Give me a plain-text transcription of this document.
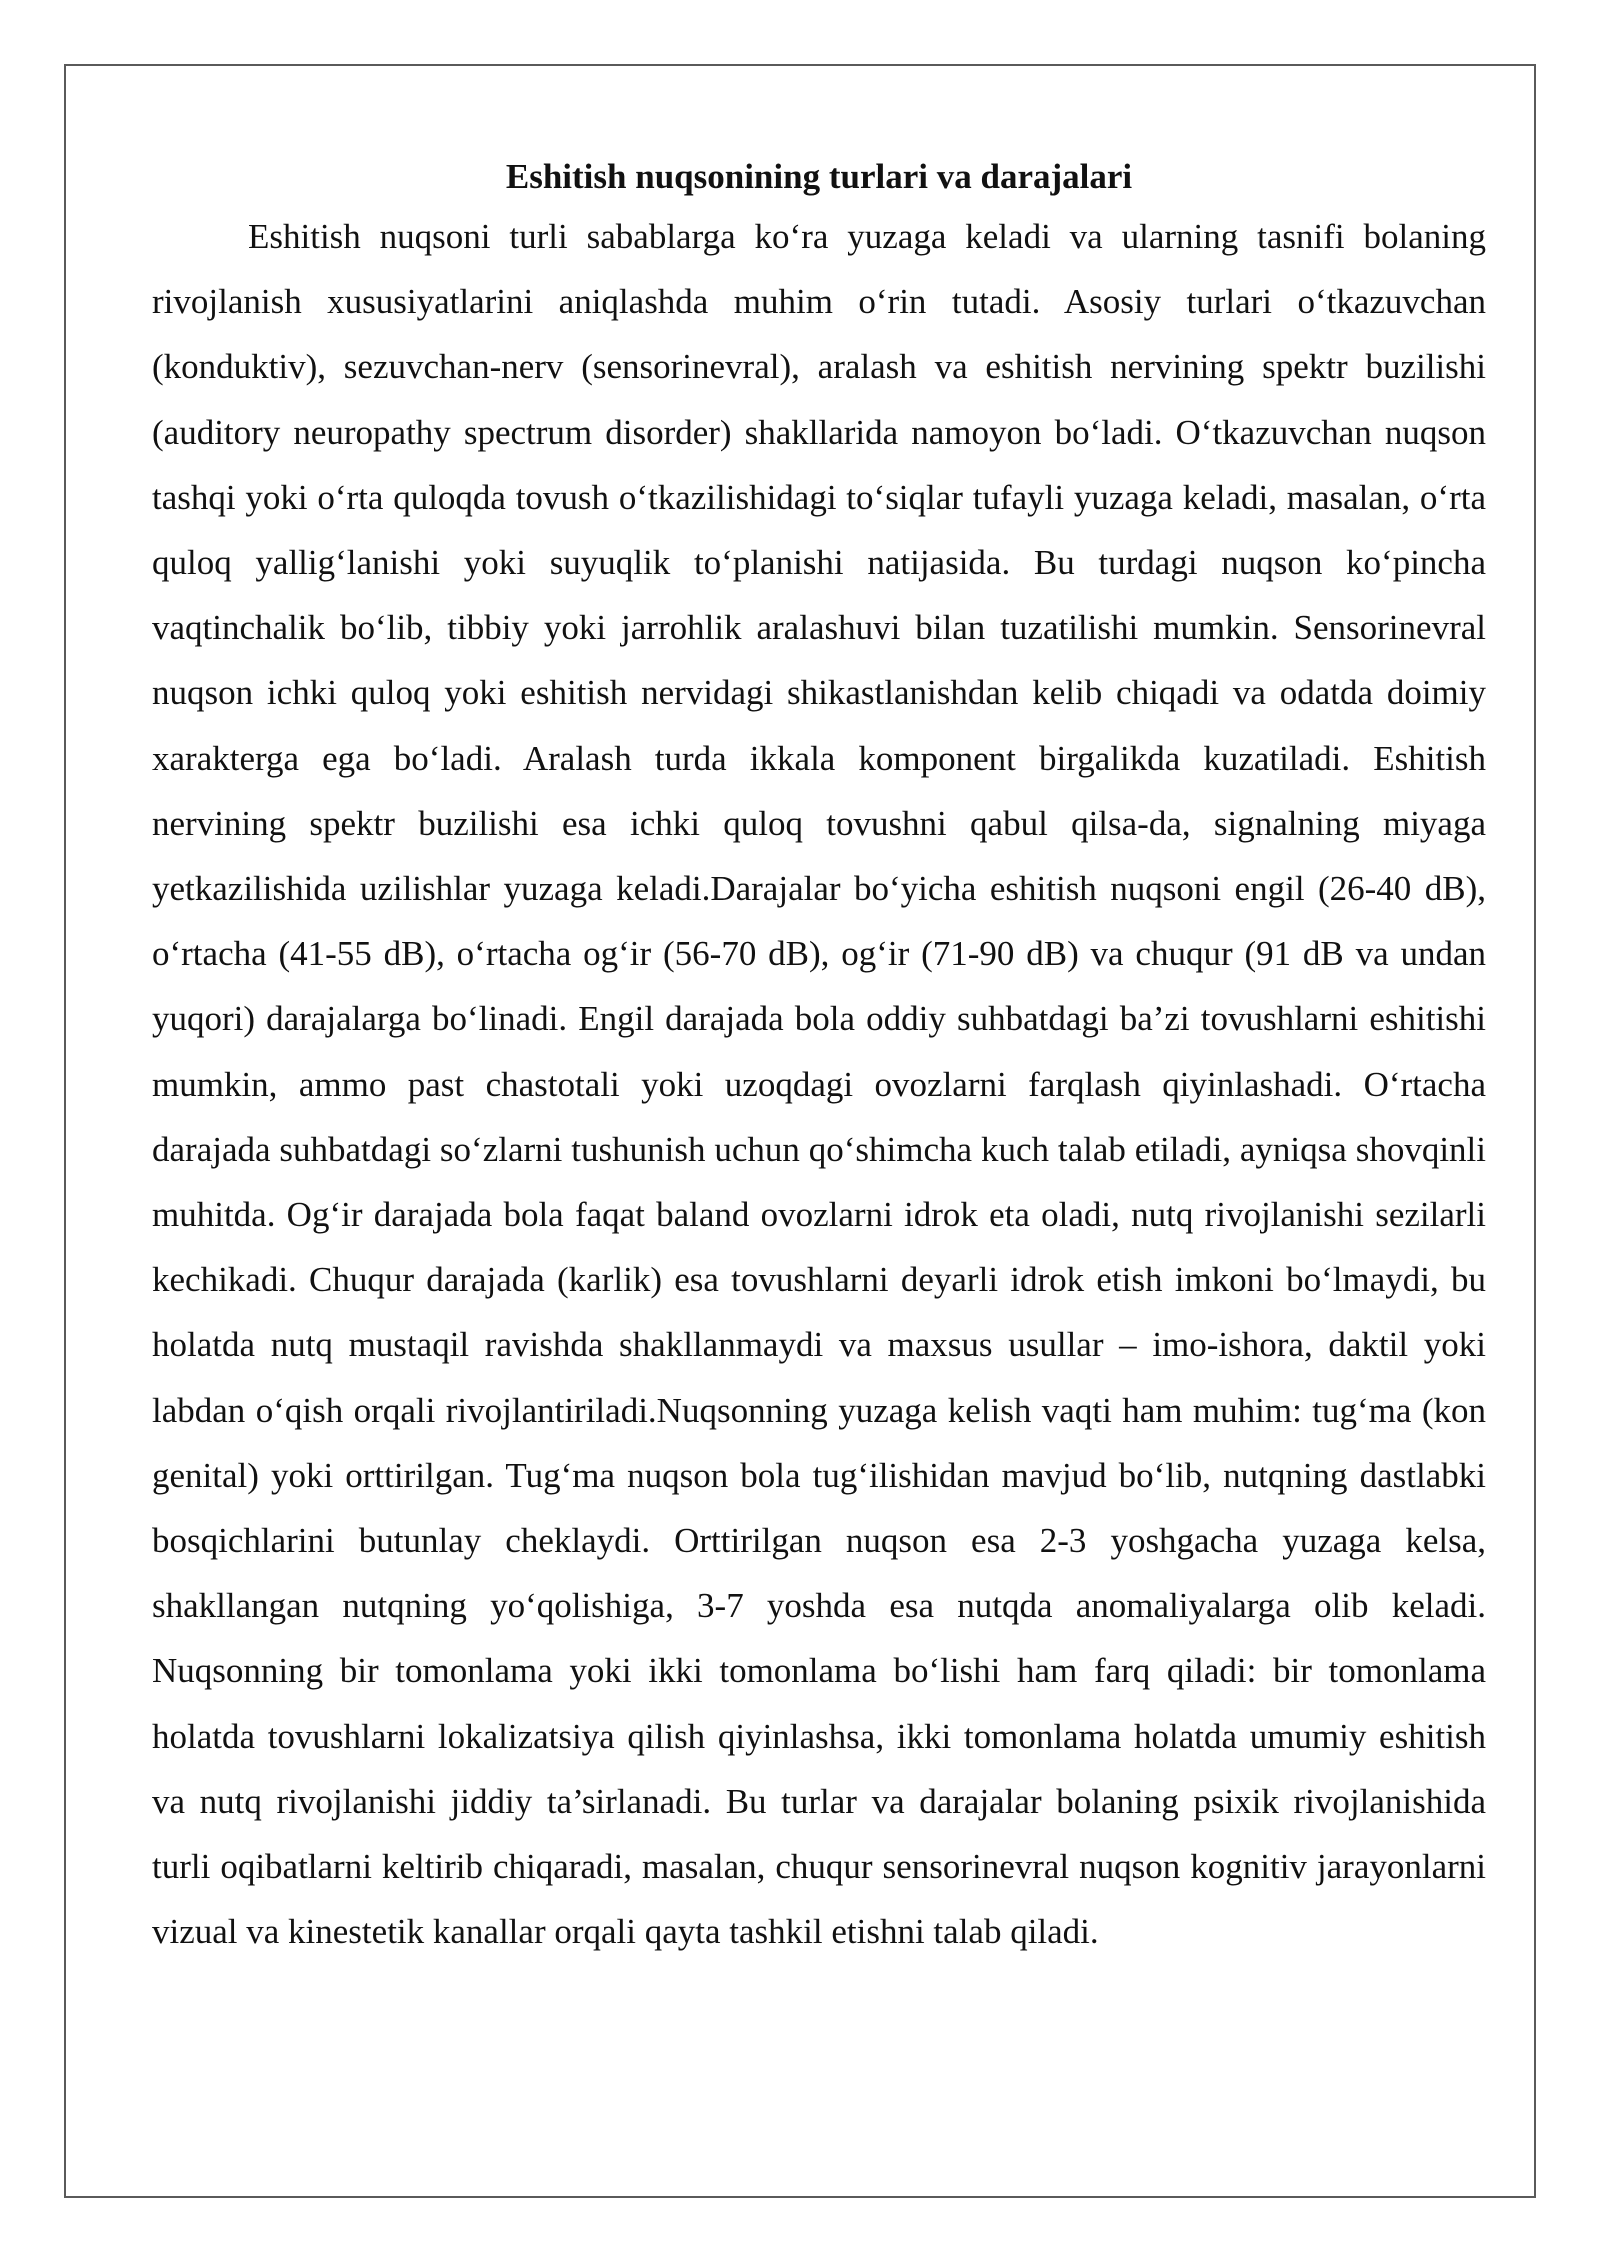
Eshitish nuqsonining turlari va darajalari

Eshitish nuqsoni turli sabablarga ko‘ra yuzaga keladi va ularning tasnifi bolaning rivojlanish xususiyatlarini aniqlashda muhim o‘rin tutadi. Asosiy turlari o‘tkazuvchan (konduktiv), sezuvchan-nerv (sensorinevral), aralash va eshitish nervining spektr buzilishi (auditory neuropathy spectrum disorder) shakllarida namoyon bo‘ladi. O‘tkazuvchan nuqson tashqi yoki o‘rta quloqda tovush o‘tkazilishidagi to‘siqlar tufayli yuzaga keladi, masalan, o‘rta quloq yallig‘lanishi yoki suyuqlik to‘planishi natijasida. Bu turdagi nuqson ko‘pincha vaqtinchalik bo‘lib, tibbiy yoki jarrohlik aralashuvi bilan tuzatilishi mumkin. Sensorinevral nuqson ichki quloq yoki eshitish nervidagi shikastlanishdan kelib chiqadi va odatda doimiy xarakterga ega bo‘ladi. Aralash turda ikkala komponent birgalikda kuzatiladi. Eshitish nervining spektr buzilishi esa ichki quloq tovushni qabul qilsa-da, signalning miyaga yetkazilishida uzilishlar yuzaga keladi.Darajalar bo‘yicha eshitish nuqsoni engil (26-40 dB), o‘rtacha (41-55 dB), o‘rtacha og‘ir (56-70 dB), og‘ir (71-90 dB) va chuqur (91 dB va undan yuqori) darajalarga bo‘linadi. Engil darajada bola oddiy suhbatdagi ba’zi tovushlarni eshitishi mumkin, ammo past chastotali yoki uzoqdagi ovozlarni farqlash qiyinlashadi. O‘rtacha darajada suhbatdagi so‘zlarni tushunish uchun qo‘shimcha kuch talab etiladi, ayniqsa shovqinli muhitda. Og‘ir darajada bola faqat baland ovozlarni idrok eta oladi, nutq rivojlanishi sezilarli kechikadi. Chuqur darajada (karlik) esa tovushlarni deyarli idrok etish imkoni bo‘lmaydi, bu holatda nutq mustaqil ravishda shakllanmaydi va maxsus usullar – imo-ishora, daktil yoki labdan o‘qish orqali rivojlantiriladi.Nuqsonning yuzaga kelish vaqti ham muhim: tug‘ma (kon genital) yoki orttirilgan. Tug‘ma nuqson bola tug‘ilishidan mavjud bo‘lib, nutqning dastlabki bosqichlarini butunlay cheklaydi. Orttirilgan nuqson esa 2-3 yoshgacha yuzaga kelsa, shakllangan nutqning yo‘qolishiga, 3-7 yoshda esa nutqda anomaliyalarga olib keladi. Nuqsonning bir tomonlama yoki ikki tomonlama bo‘lishi ham farq qiladi: bir tomonlama holatda tovushlarni lokalizatsiya qilish qiyinlashsa, ikki tomonlama holatda umumiy eshitish va nutq rivojlanishi jiddiy ta’sirlanadi. Bu turlar va darajalar bolaning psixik rivojlanishida turli oqibatlarni keltirib chiqaradi, masalan, chuqur sensorinevral nuqson kognitiv jarayonlarni vizual va kinestetik kanallar orqali qayta tashkil etishni talab qiladi.
